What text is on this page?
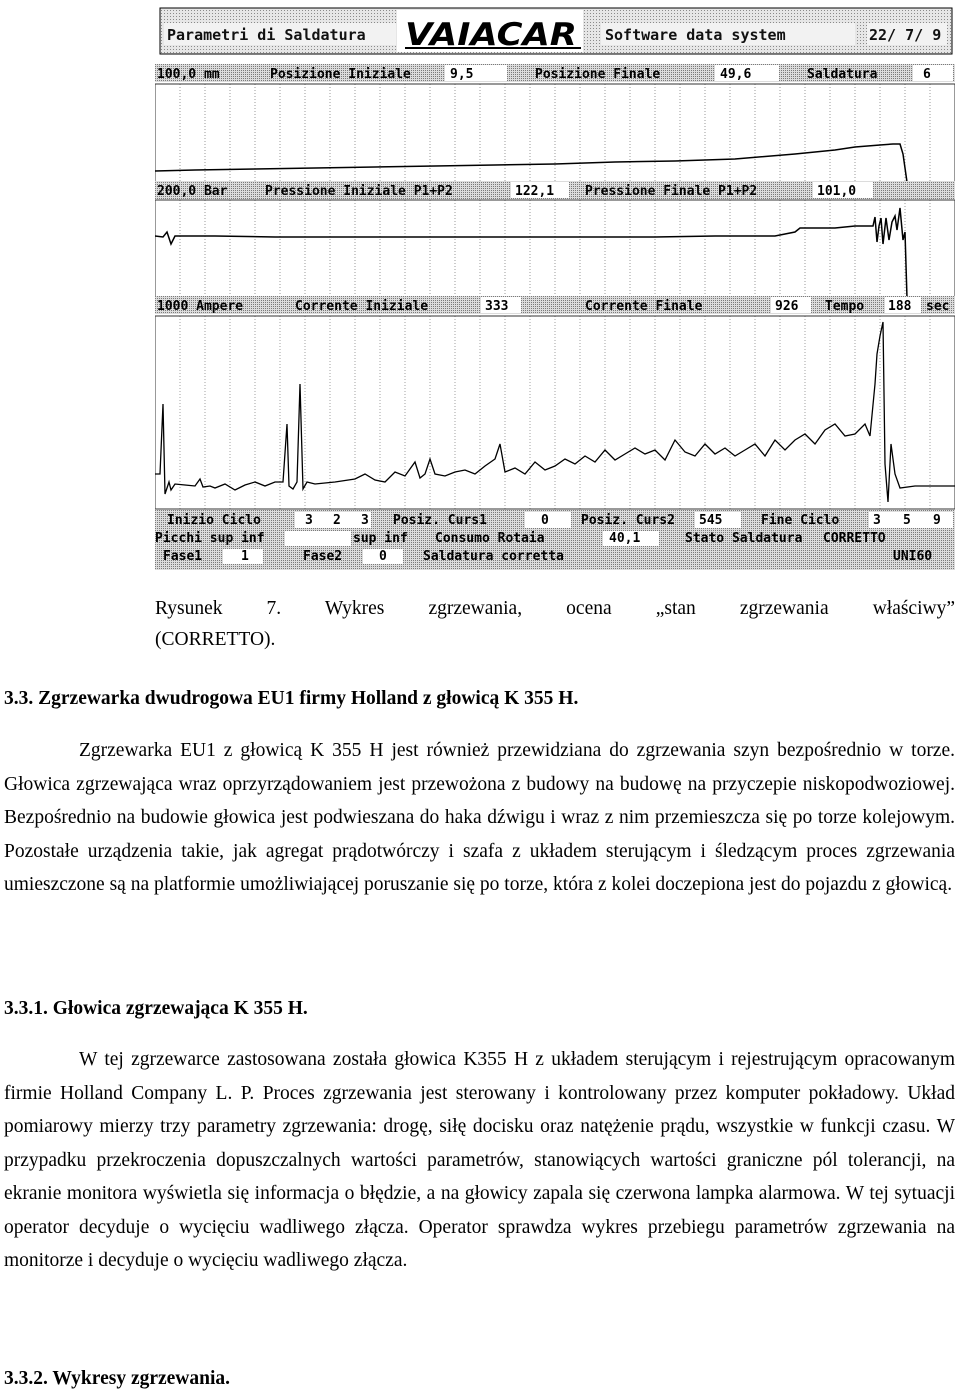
Parametri di Saldatura VAIACAR Software data system	22/ 7/ 9
100,0 mm	Posizione Iniziale	9,5	Posizione Finale	49,6	Saldatura	6
200,0 Bar	Pressione Iniziale P1+P2	122,1 Pressione Finale P1+P2	101,0
1000 Ampere	Corrente Iniziale	333	Corrente Finale	926 Tempo 188 sec
Inizio Ciclo	3 2 3 Posiz. Curs1	0 Posiz. Curs2 545	Fine Ciclo	3 5 9
Picchi sup inf	sup inf Consumo Rotaia	40,1	Stato Saldatura CORRETTO
Fase1	1	Fase2	0	Saldatura corretta	UNI60
Rysunek 7. Wykres zgrzewania, ocena „stan zgrzewania właściwy”
(CORRETTO).
3.3. Zgrzewarka dwudrogowa EU1 firmy Holland z głowicą K 355 H.
Zgrzewarka EU1 z głowicą K 355 H jest również przewidziana do zgrzewania szyn bezpośrednio w torze. Głowica zgrzewająca wraz oprzyrządowaniem jest przewożona z budowy na budowę na przyczepie niskopodwoziowej. Bezpośrednio na budowie głowica jest podwieszana do haka dźwigu i wraz z nim przemieszcza się po torze kolejowym. Pozostałe urządzenia takie, jak agregat prądotwórczy i szafa z układem sterującym i śledzącym proces zgrzewania umieszczone są na platformie umożliwiającej poruszanie się po torze, która z kolei doczepiona jest do pojazdu z głowicą.
3.3.1. Głowica zgrzewająca K 355 H.
W tej zgrzewarce zastosowana została głowica K355 H z układem sterującym i rejestrującym opracowanym firmie Holland Company L. P. Proces zgrzewania jest sterowany i kontrolowany przez komputer pokładowy. Układ pomiarowy mierzy trzy parametry zgrzewania: drogę, siłę docisku oraz natężenie prądu, wszystkie w funkcji czasu. W przypadku przekroczenia dopuszczalnych wartości parametrów, stanowiących wartości graniczne pól tolerancji, na ekranie monitora wyświetla się informacja o błędzie, a na głowicy zapala się czerwona lampka alarmowa. W tej sytuacji operator decyduje o wycięciu wadliwego złącza. Operator sprawdza wykres przebiegu parametrów zgrzewania na monitorze i decyduje o wycięciu wadliwego złącza.
3.3.2. Wykresy zgrzewania.
